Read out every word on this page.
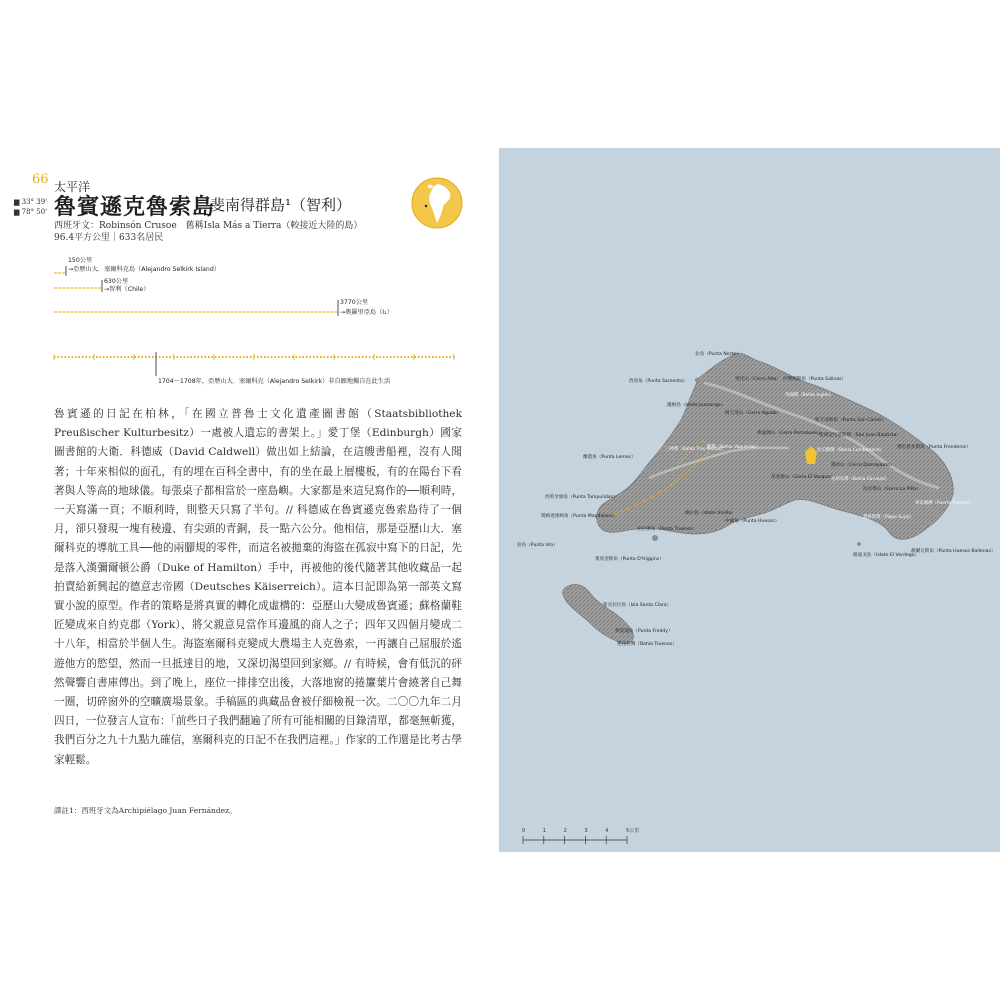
▆ 33° 39'
▆ 78° 50'
66 太平洋
魯賓遜克魯索島
斐南得群島¹（智利）
西班牙文：Robinsón Crusoe　舊稱Isla Más a Tierra（較接近大陸的島）
96.4平方公里｜633名居民
150公里
→亞歷山大．塞爾科克島（Alejandro Selkirk Island）
630公里
→智利（Chile）
3770公里
→奧羅里亞島（I₂）
1704～1708年，亞歷山大．塞爾科克（Alejandro Selkirk）非自願地獨自在此生活
魯賓遜的日記在柏林，「在國立普魯士文化遺產圖書館（Staatsbibliothek Preußischer Kulturbesitz）一處被人遺忘的書架上。」愛丁堡（Edinburgh）國家圖書館的大衛．科德威（David Caldwell）做出如上結論，在這艘書船裡，沒有人聞著；十年來相似的面孔，有的埋在百科全書中，有的坐在最上層樓板，有的在陽台下看著與人等高的地球儀。每張桌子都相當於一座島嶼。大家都是來這兒寫作的──順利時，一天寫滿一頁；不順利時，則整天只寫了半句。// 科德威在魯賓遜克魯索島待了一個月，卻只發現一塊有稜邊、有尖頭的青銅，長一點六公分。他相信，那是亞歷山大．塞爾科克的導航工具──他的兩腳規的零件，而這名被拋棄的海盜在孤寂中寫下的日記，先是落入漢彌爾頓公爵（Duke of Hamilton）手中，再被他的後代隨著其他收藏品一起拍賣給新興起的德意志帝國（Deutsches Käiserreich）。這本日記即為第一部英文寫實小說的原型。作者的策略是將真實的轉化成虛構的：亞歷山大變成魯賓遜；蘇格蘭鞋匠變成來自約克郡（York）、將父親意見當作耳邊風的商人之子；四年又四個月變成二十八年，相當於半個人生。海盜塞爾科克變成大農場主人克魯索，一再讓自己屈服於遙遊他方的慾望，然而一旦抵達目的地，又深切渴望回到家鄉。// 有時候，會有低沉的砰然聲響自書庫傳出。到了晚上，座位一排排空出後，大落地窗的捲簾葉片會繞著自己舞一圈，切碎窗外的空曠廣場景象。手稿區的典藏品會被仔細檢視一次。二〇〇九年二月四日，一位發言人宣布：「前些日子我們翻遍了所有可能相關的目錄清單，都毫無斬獲，我們百分之九十九點九確信，塞爾科克的日記不在我們這裡。」作家的工作還是比考古學家輕鬆。
譯註1：西班牙文為Archipiélago Juan Fernández。
北角（Punta Norte）
西南角（Punta Sarnenta）
瓊納島（Islote Juanango）
奧托山（Cerro Alto） 沙利納斯角（Punta Salinas）
英國灣（Bahía Inglés）
阿吉洛山（Cerro Agudo）
聖卡洛斯角（Punta San Carlos）
聖胡安包蒂斯塔（San Juan Bautista）
弗迪瑪山（Cerro Portezuelo）
佛里恩多斯角（Punta Frenderos）
坎伯蘭灣（Bahía Cumberland）
蘭農角（Punta Lemos）
三林灣（Bahía Tres Puntas）
鹽灣（Bahía Vaquerias）
弗雷爾灣（Puerto Francés）
拉皮塔山（Cerro La Piña）
鄧肯山（Cerro Damayanto）
范奎斯山（Cerro El Vasquez）
聖胡安灣（Bahía Carvajal）
托拉斯角（Punta Truenos）
西班牙旗角（Punta Tampulidas）
瑪格達連納角（Punta Magdalena）
維拉島（Islote Vinilla）
中國角（Punta Huesos）
島角（Punta Isla）
奧希金斯角（Punta O'Higgins）
費格斯灣（Pique Supe）
赫爾瓦斯角（Punta Huesos Ballenas）
維迪戈島（Islote El Verdego）
聖克拉拉島（Isla Santa Clara）
弗雷迪角（Punta Freddy）
聖托拉灣（Bahía Truenos）
0	1	2	3	4	5公里
